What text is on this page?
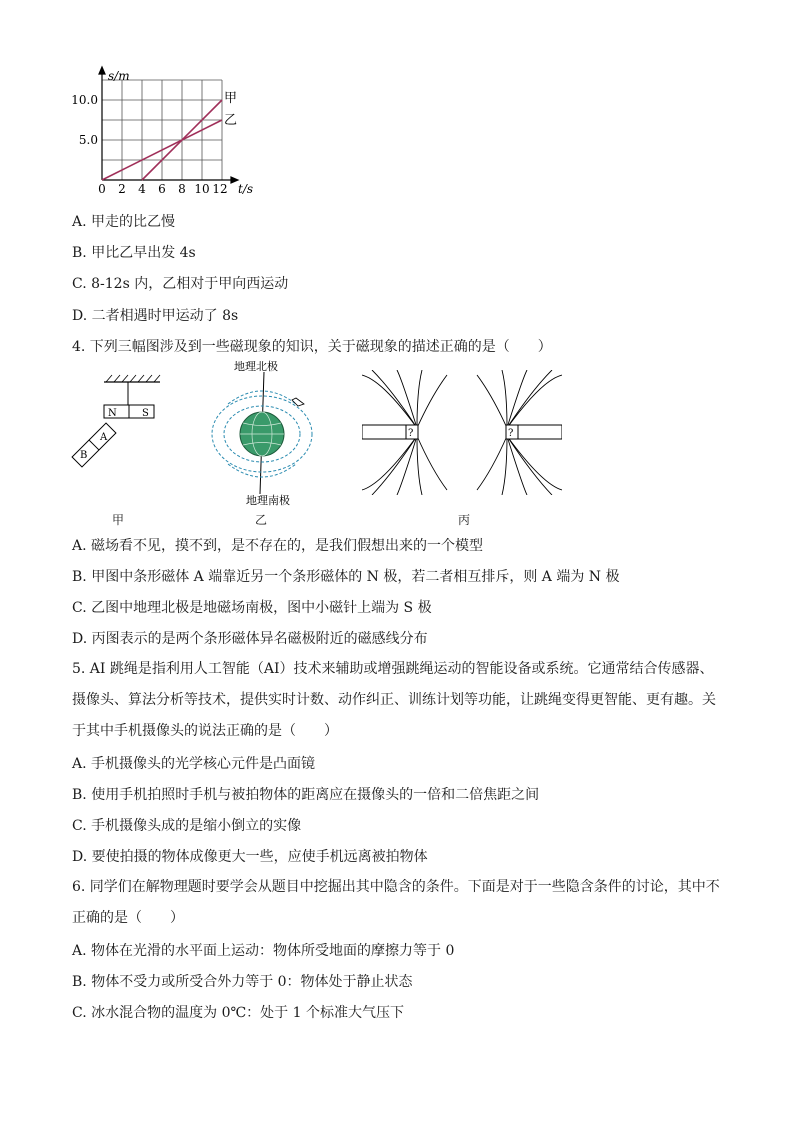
s/m
t/s
10.0
5.0
0 2 4 6 8 10 12
甲
乙
A. 甲走的比乙慢
B. 甲比乙早出发 4s
C. 8-12s 内，乙相对于甲向西运动
D. 二者相遇时甲运动了 8s
4. 下列三幅图涉及到一些磁现象的知识，关于磁现象的描述正确的是（　　）
N	S
A
B
甲
地理北极
地理南极
乙
?	?
丙
A. 磁场看不见，摸不到，是不存在的，是我们假想出来的一个模型
B. 甲图中条形磁体 A 端靠近另一个条形磁体的 N 极，若二者相互排斥，则 A 端为 N 极
C. 乙图中地理北极是地磁场南极，图中小磁针上端为 S 极
D. 丙图表示的是两个条形磁体异名磁极附近的磁感线分布
5. AI 跳绳是指利用人工智能（AI）技术来辅助或增强跳绳运动的智能设备或系统。它通常结合传感器、摄像头、算法分析等技术，提供实时计数、动作纠正、训练计划等功能，让跳绳变得更智能、更有趣。关于其中手机摄像头的说法正确的是（　　）
A. 手机摄像头的光学核心元件是凸面镜
B. 使用手机拍照时手机与被拍物体的距离应在摄像头的一倍和二倍焦距之间
C. 手机摄像头成的是缩小倒立的实像
D. 要使拍摄的物体成像更大一些，应使手机远离被拍物体
6. 同学们在解物理题时要学会从题目中挖掘出其中隐含的条件。下面是对于一些隐含条件的讨论，其中不正确的是（　　）
A. 物体在光滑的水平面上运动：物体所受地面的摩擦力等于 0
B. 物体不受力或所受合外力等于 0：物体处于静止状态
C. 冰水混合物的温度为 0℃：处于 1 个标准大气压下
